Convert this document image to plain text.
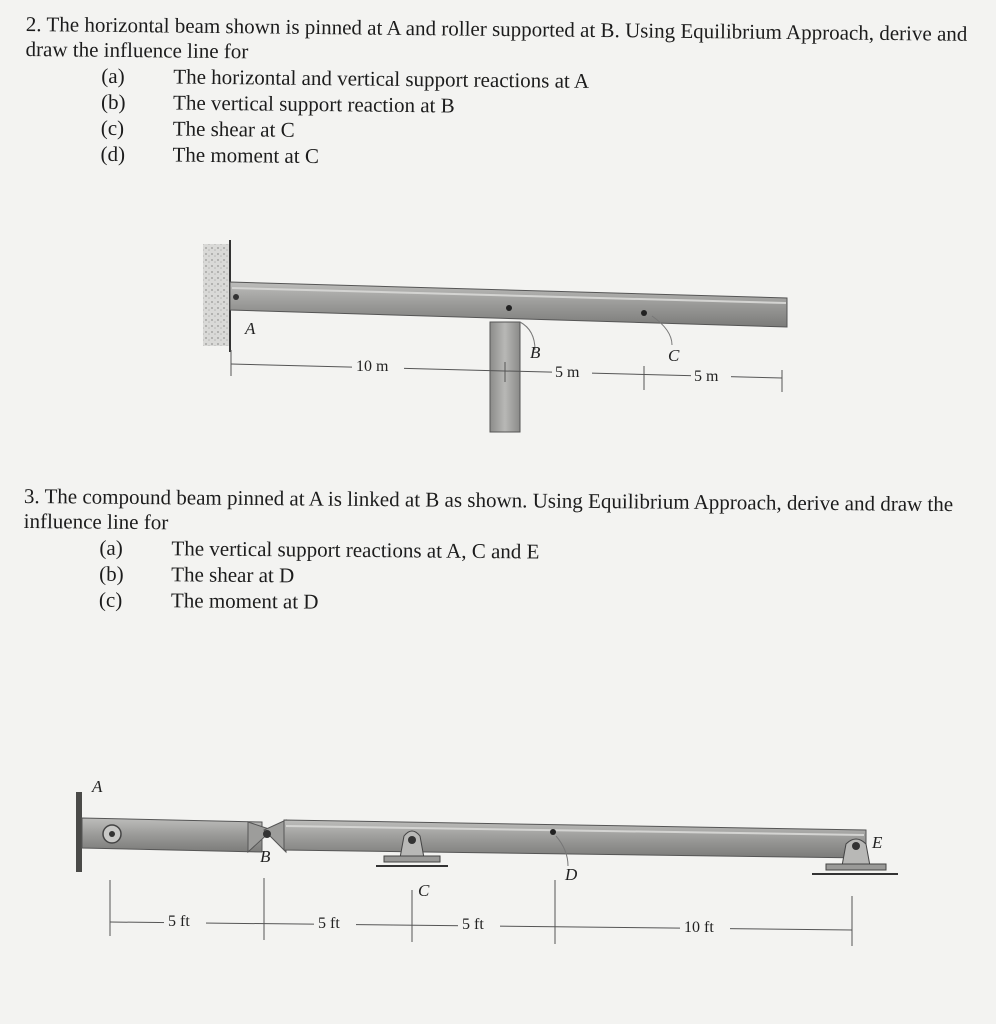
2. The horizontal beam shown is pinned at A and roller supported at B. Using Equilibrium Approach, derive and draw the influence line for

(a)	The horizontal and vertical support reactions at A
(b)	The vertical support reaction at B
(c)	The shear at C
(d)	The moment at C

3. The compound beam pinned at A is linked at B as shown. Using Equilibrium Approach, derive and draw the influence line for

(a)	The vertical support reactions at A, C and E
(b)	The shear at D
(c)	The moment at D
A
B	C
10 m	5 m	5 m
A
B
C
D
E
5 ft	5 ft	5 ft	10 ft
